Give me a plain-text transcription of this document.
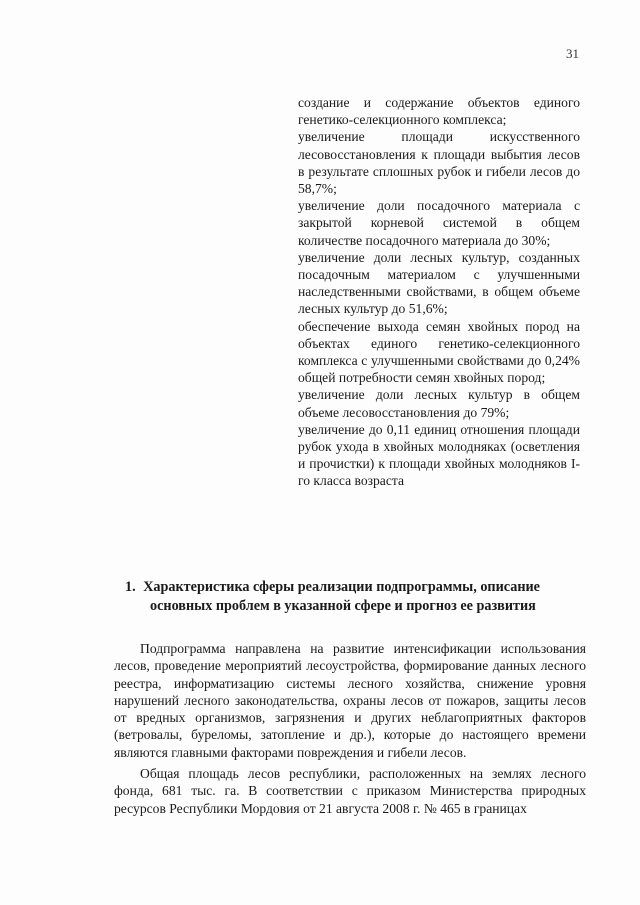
31

создание и содержание объектов единого генетико-селекционного комплекса;

увеличение площади искусственного лесовосстановления к площади выбытия лесов в результате сплошных рубок и гибели лесов до 58,7%;

увеличение доли посадочного материала с закрытой корневой системой в общем количестве посадочного материала до 30%;

увеличение доли лесных культур, созданных посадочным материалом с улучшенными наследственными свойствами, в общем объеме лесных культур до 51,6%;

обеспечение выхода семян хвойных пород на объектах единого генетико-селекционного комплекса с улучшенными свойствами до 0,24% общей потребности семян хвойных пород;

увеличение доли лесных культур в общем объеме лесовосстановления до 79%;

увеличение до 0,11 единиц отношения площади рубок ухода в хвойных молодняках (осветления и прочистки) к площади хвойных молодняков I-го класса возраста

1. Характеристика сферы реализации подпрограммы, описание
основных проблем в указанной сфере и прогноз ее развития

Подпрограмма направлена на развитие интенсификации использования лесов, проведение мероприятий лесоустройства, формирование данных лесного реестра, информатизацию системы лесного хозяйства, снижение уровня нарушений лесного законодательства, охраны лесов от пожаров, защиты лесов от вредных организмов, загрязнения и других неблагоприятных факторов (ветровалы, буреломы, затопление и др.), которые до настоящего времени являются главными факторами повреждения и гибели лесов.

Общая площадь лесов республики, расположенных на землях лесного фонда, 681 тыс. га. В соответствии с приказом Министерства природных ресурсов Республики Мордовия от 21 августа 2008 г. № 465 в границах
